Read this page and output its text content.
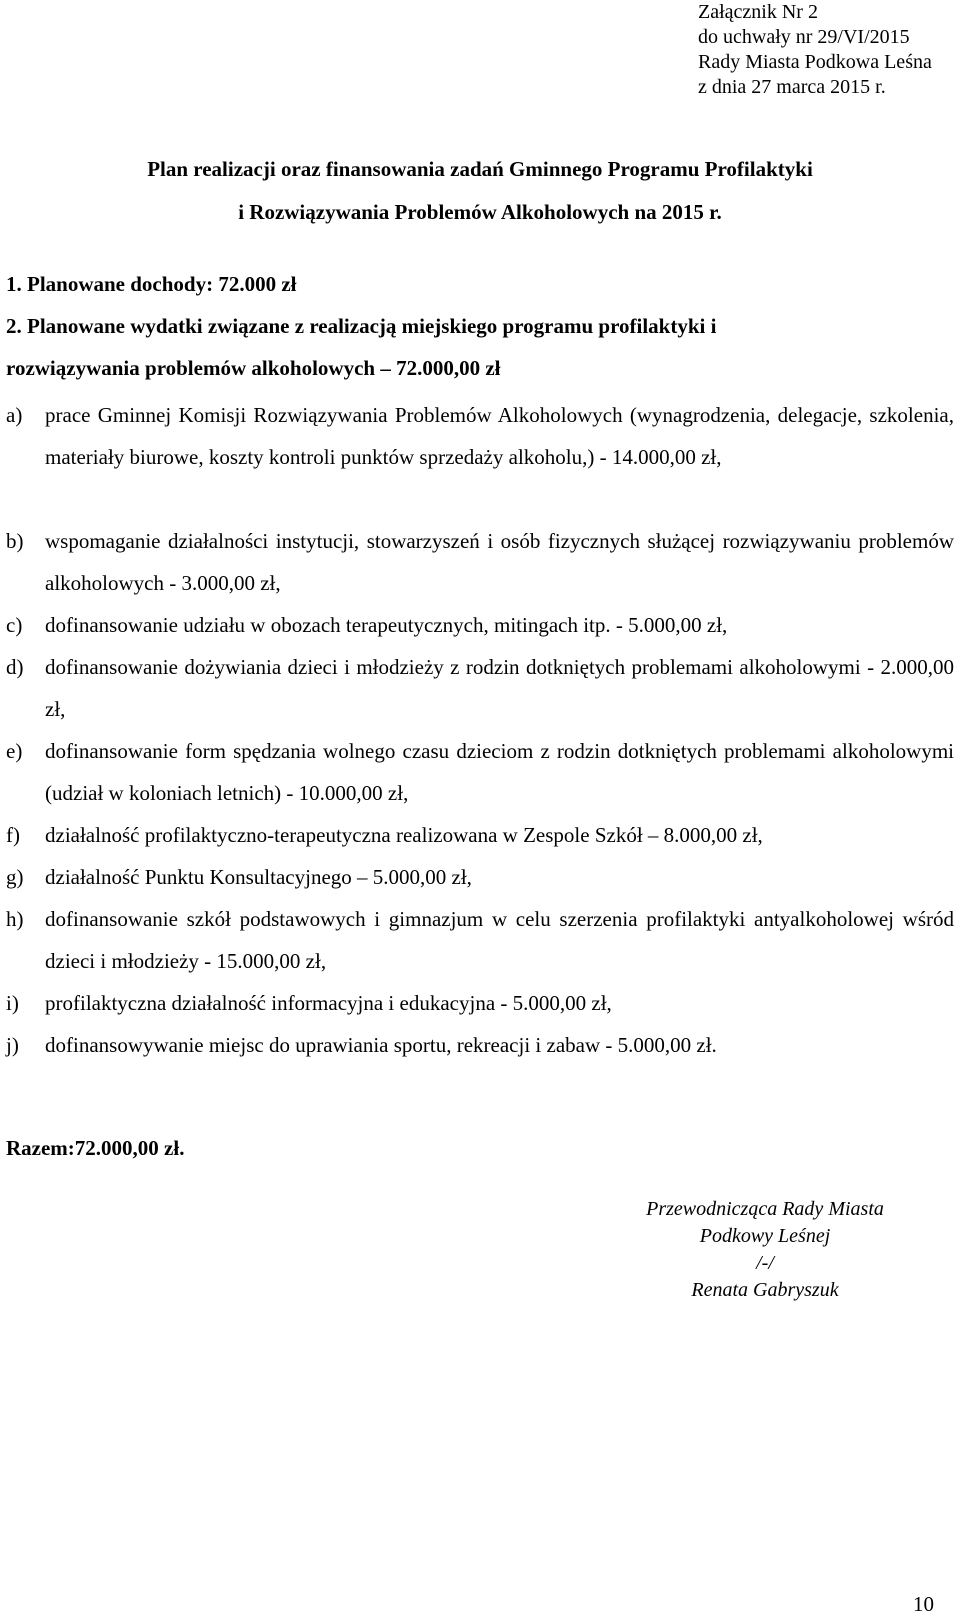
Załącznik Nr 2
do uchwały nr 29/VI/2015
Rady Miasta Podkowa Leśna
z dnia 27 marca 2015 r.
Plan realizacji oraz finansowania zadań Gminnego Programu Profilaktyki
i Rozwiązywania Problemów Alkoholowych na 2015 r.
1. Planowane dochody: 72.000 zł
2. Planowane wydatki związane z realizacją miejskiego programu profilaktyki i
rozwiązywania problemów alkoholowych – 72.000,00 zł
a) prace Gminnej Komisji Rozwiązywania Problemów Alkoholowych (wynagrodzenia, delegacje, szkolenia, materiały biurowe, koszty kontroli punktów sprzedaży alkoholu,) - 14.000,00 zł,
b) wspomaganie działalności instytucji, stowarzyszeń i osób fizycznych służącej rozwiązywaniu problemów alkoholowych - 3.000,00 zł,
c) dofinansowanie udziału w obozach terapeutycznych, mitingach itp. - 5.000,00 zł,
d) dofinansowanie dożywiania dzieci i młodzieży z rodzin dotkniętych problemami alkoholowymi - 2.000,00 zł,
e) dofinansowanie form spędzania wolnego czasu dzieciom z rodzin dotkniętych problemami alkoholowymi (udział w koloniach letnich) - 10.000,00 zł,
f) działalność profilaktyczno-terapeutyczna realizowana w Zespole Szkół – 8.000,00 zł,
g) działalność Punktu Konsultacyjnego – 5.000,00 zł,
h) dofinansowanie szkół podstawowych i gimnazjum w celu szerzenia profilaktyki antyalkoholowej wśród dzieci i młodzieży - 15.000,00 zł,
i) profilaktyczna działalność informacyjna i edukacyjna - 5.000,00 zł,
j) dofinansowywanie miejsc do uprawiania sportu, rekreacji i zabaw - 5.000,00 zł.
Razem:72.000,00 zł.
Przewodnicząca Rady Miasta
Podkowy Leśnej
/-/
Renata Gabryszuk
10
